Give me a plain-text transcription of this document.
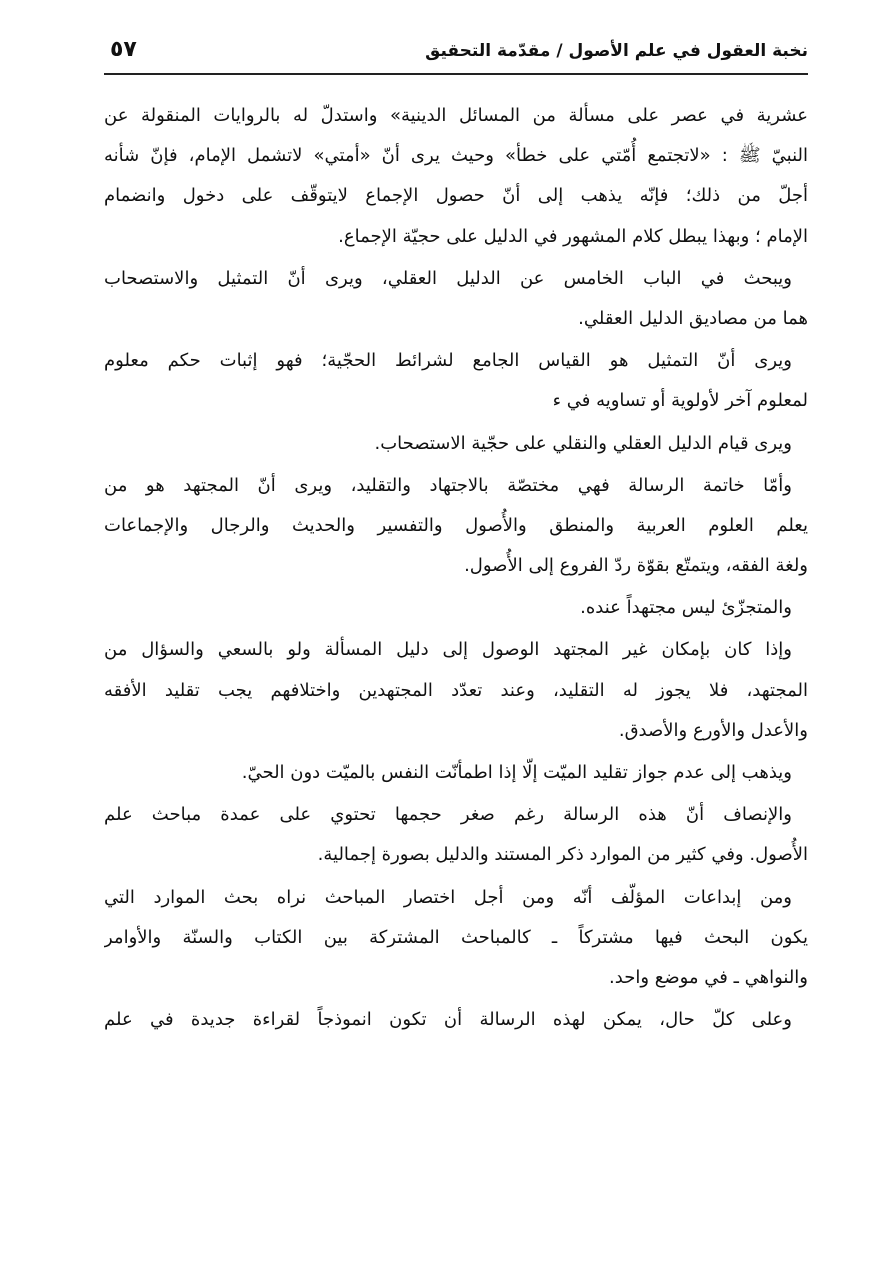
نخبة العقول في علم الأصول / مقدّمة التحقيق
٥٧
عشرية في عصر على مسألة من المسائل الدينية» واستدلّ له بالروايات المنقولة عن
النبيّ ﷺ : «لاتجتمع أُمّتي على خطأ» وحيث يرى أنّ «أمتي» لاتشمل الإمام، فإنّ شأنه
أجلّ من ذلك؛ فإنّه يذهب إلى أنّ حصول الإجماع لايتوقّف على دخول وانضمام
الإمام ؛ وبهذا يبطل كلام المشهور في الدليل على حجيّة الإجماع.
ويبحث في الباب الخامس عن الدليل العقلي، ويرى أنّ التمثيل والاستصحاب
هما من مصاديق الدليل العقلي.
ويرى أنّ التمثيل هو القياس الجامع لشرائط الحجّية؛ فهو إثبات حكم معلوم
لمعلوم آخر لأولوية أو تساويه في ء
ويرى قيام الدليل العقلي والنقلي على حجّية الاستصحاب.
وأمّا خاتمة الرسالة فهي مختصّة بالاجتهاد والتقليد، ويرى أنّ المجتهد هو من
يعلم العلوم العربية والمنطق والأُصول والتفسير والحديث والرجال والإجماعات
ولغة الفقه، ويتمتّع بقوّة ردّ الفروع إلى الأُصول.
والمتجزّئ ليس مجتهداً عنده.
وإذا كان بإمكان غير المجتهد الوصول إلى دليل المسألة ولو بالسعي والسؤال من
المجتهد، فلا يجوز له التقليد، وعند تعدّد المجتهدين واختلافهم يجب تقليد الأفقه
والأعدل والأورع والأصدق.
ويذهب إلى عدم جواز تقليد الميّت إلّا إذا اطمأنّت النفس بالميّت دون الحيّ.
والإنصاف أنّ هذه الرسالة رغم صغر حجمها تحتوي على عمدة مباحث علم
الأُصول. وفي كثير من الموارد ذكر المستند والدليل بصورة إجمالية.
ومن إبداعات المؤلّف أنّه ومن أجل اختصار المباحث نراه بحث الموارد التي
يكون البحث فيها مشتركاً ـ كالمباحث المشتركة بين الكتاب والسنّة والأوامر
والنواهي ـ في موضع واحد.
وعلى كلّ حال، يمكن لهذه الرسالة أن تكون انموذجاً لقراءة جديدة في علم
